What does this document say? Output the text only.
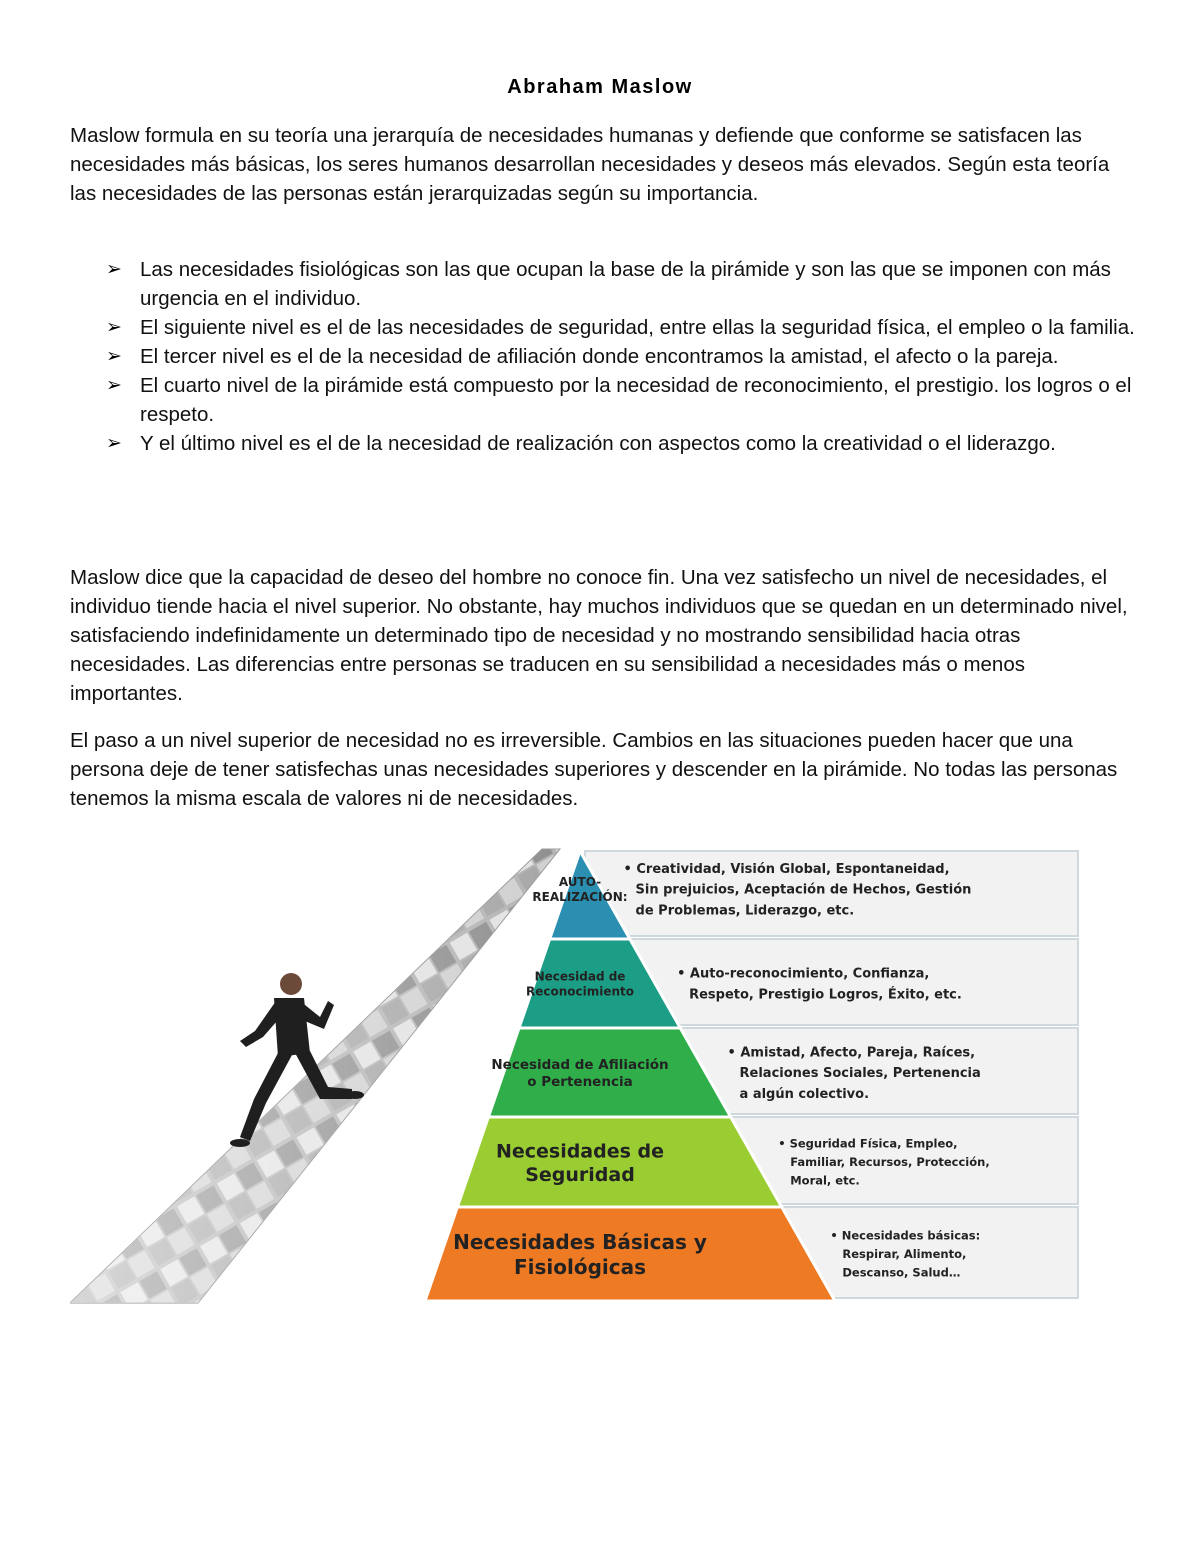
Abraham Maslow

Maslow formula en su teoría una jerarquía de necesidades humanas y defiende que conforme se satisfacen las necesidades más básicas, los seres humanos desarrollan necesidades y deseos más elevados. Según esta teoría las necesidades de las personas están jerarquizadas según su importancia.

➢ Las necesidades fisiológicas son las que ocupan la base de la pirámide y son las que se imponen con más urgencia en el individuo.
➢ El siguiente nivel es el de las necesidades de seguridad, entre ellas la seguridad física, el empleo o la familia.
➢ El tercer nivel es el de la necesidad de afiliación donde encontramos la amistad, el afecto o la pareja.
➢ El cuarto nivel de la pirámide está compuesto por la necesidad de reconocimiento, el prestigio. los logros o el respeto.
➢ Y el último nivel es el de la necesidad de realización con aspectos como la creatividad o el liderazgo.

Maslow dice que la capacidad de deseo del hombre no conoce fin. Una vez satisfecho un nivel de necesidades, el individuo tiende hacia el nivel superior. No obstante, hay muchos individuos que se quedan en un determinado nivel, satisfaciendo indefinidamente un determinado tipo de necesidad y no mostrando sensibilidad hacia otras necesidades. Las diferencias entre personas se traducen en su sensibilidad a necesidades más o menos importantes.

El paso a un nivel superior de necesidad no es irreversible. Cambios en las situaciones pueden hacer que una persona deje de tener satisfechas unas necesidades superiores y descender en la pirámide. No todas las personas tenemos la misma escala de valores ni de necesidades.

AUTO-
REALIZACIÓN:
• Creatividad, Visión Global, Espontaneidad,
Sin prejuicios, Aceptación de Hechos, Gestión
de Problemas, Liderazgo, etc.
Necesidad de
Reconocimiento
• Auto-reconocimiento, Confianza,
Respeto, Prestigio Logros, Éxito, etc.
Necesidad de Afiliación
o Pertenencia
• Amistad, Afecto, Pareja, Raíces,
Relaciones Sociales, Pertenencia
a algún colectivo.
Necesidades de
Seguridad
• Seguridad Física, Empleo,
Familiar, Recursos, Protección,
Moral, etc.
Necesidades Básicas y
Fisiológicas
• Necesidades básicas:
Respirar, Alimento,
Descanso, Salud…
